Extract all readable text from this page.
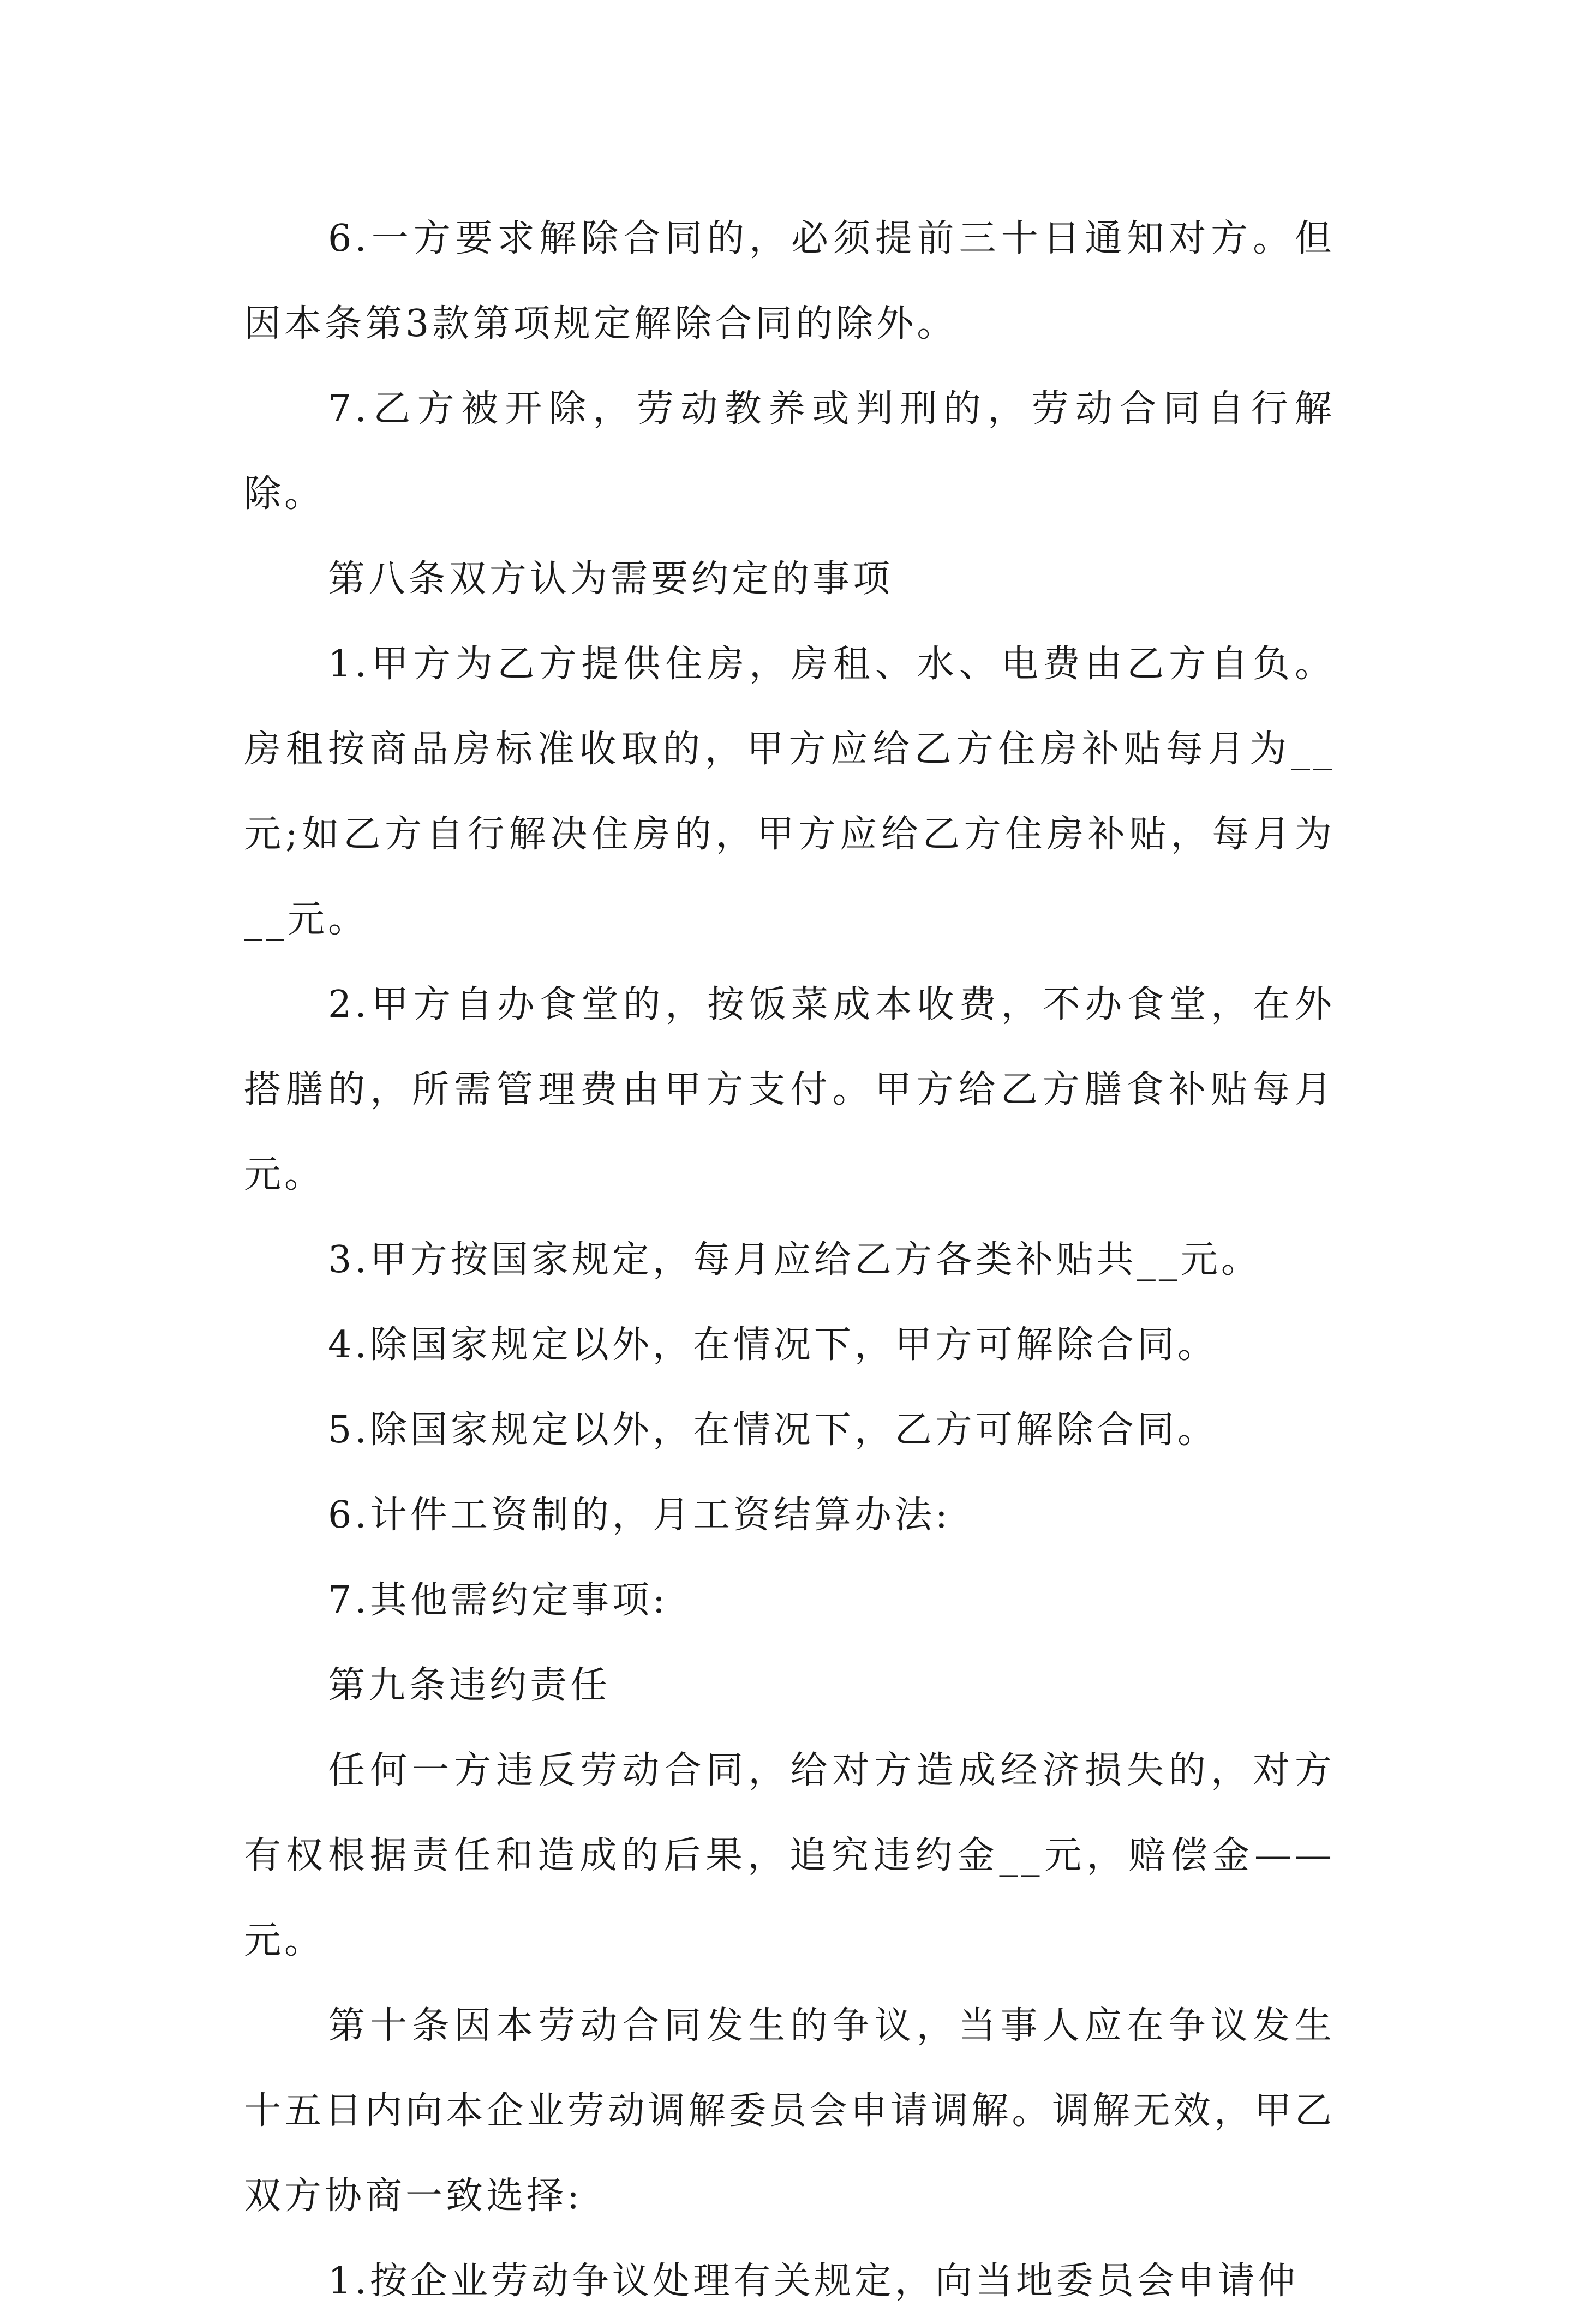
6.一方要求解除合同的，必须提前三十日通知对方。但因本条第3款第项规定解除合同的除外。

7.乙方被开除，劳动教养或判刑的，劳动合同自行解除。

第八条双方认为需要约定的事项

1.甲方为乙方提供住房，房租、水、电费由乙方自负。房租按商品房标准收取的，甲方应给乙方住房补贴每月为__元;如乙方自行解决住房的，甲方应给乙方住房补贴，每月为__元。

2.甲方自办食堂的，按饭菜成本收费，不办食堂，在外搭膳的，所需管理费由甲方支付。甲方给乙方膳食补贴每月元。

3.甲方按国家规定，每月应给乙方各类补贴共__元。

4.除国家规定以外，在情况下，甲方可解除合同。

5.除国家规定以外，在情况下，乙方可解除合同。

6.计件工资制的，月工资结算办法:

7.其他需约定事项:

第九条违约责任

任何一方违反劳动合同，给对方造成经济损失的，对方有权根据责任和造成的后果，追究违约金__元，赔偿金——元。

第十条因本劳动合同发生的争议，当事人应在争议发生十五日内向本企业劳动调解委员会申请调解。调解无效，甲乙双方协商一致选择:

1.按企业劳动争议处理有关规定，向当地委员会申请仲
